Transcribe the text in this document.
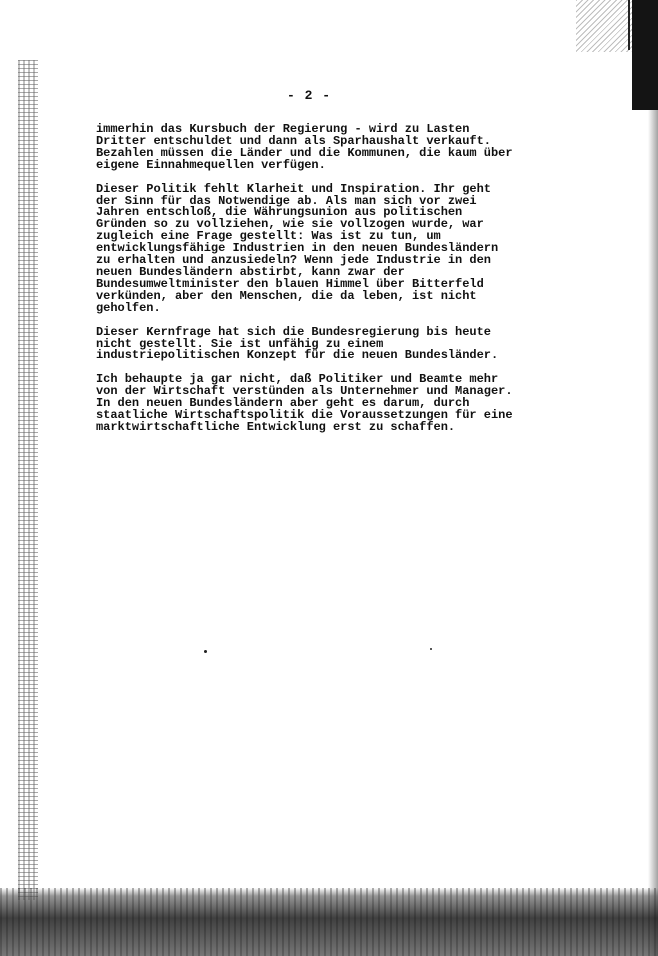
- 2 -
immerhin das Kursbuch der Regierung - wird zu Lasten
Dritter entschuldet und dann als Sparhaushalt verkauft.
Bezahlen müssen die Länder und die Kommunen, die kaum über
eigene Einnahmequellen verfügen.
Dieser Politik fehlt Klarheit und Inspiration. Ihr geht
der Sinn für das Notwendige ab. Als man sich vor zwei
Jahren entschloß, die Währungsunion aus politischen
Gründen so zu vollziehen, wie sie vollzogen wurde, war
zugleich eine Frage gestellt: Was ist zu tun, um
entwicklungsfähige Industrien in den neuen Bundesländern
zu erhalten und anzusiedeln? Wenn jede Industrie in den
neuen Bundesländern abstirbt, kann zwar der
Bundesumweltminister den blauen Himmel über Bitterfeld
verkünden, aber den Menschen, die da leben, ist nicht
geholfen.
Dieser Kernfrage hat sich die Bundesregierung bis heute
nicht gestellt. Sie ist unfähig zu einem
industriepolitischen Konzept für die neuen Bundesländer.
Ich behaupte ja gar nicht, daß Politiker und Beamte mehr
von der Wirtschaft verstünden als Unternehmer und Manager.
In den neuen Bundesländern aber geht es darum, durch
staatliche Wirtschaftspolitik die Voraussetzungen für eine
marktwirtschaftliche Entwicklung erst zu schaffen.
